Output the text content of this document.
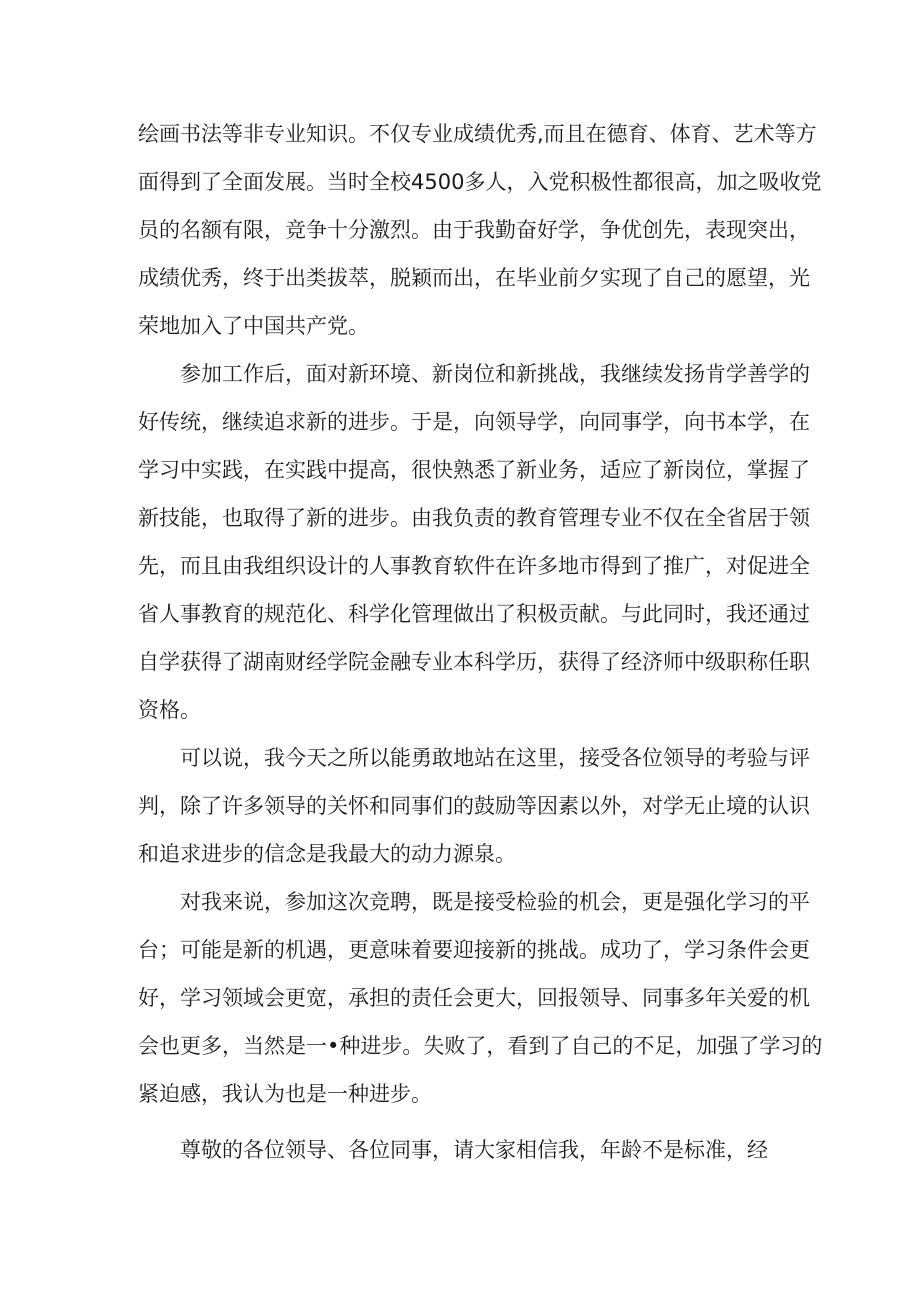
绘画书法等非专业知识。不仅专业成绩优秀,而且在德育、体育、艺术等方
面得到了全面发展。当时全校4500多人，入党积极性都很高，加之吸收党
员的名额有限，竞争十分激烈。由于我勤奋好学，争优创先，表现突出，
成绩优秀，终于出类拔萃，脱颖而出，在毕业前夕实现了自己的愿望，光
荣地加入了中国共产党。
参加工作后，面对新环境、新岗位和新挑战，我继续发扬肯学善学的
好传统，继续追求新的进步。于是，向领导学，向同事学，向书本学，在
学习中实践，在实践中提高，很快熟悉了新业务，适应了新岗位，掌握了
新技能，也取得了新的进步。由我负责的教育管理专业不仅在全省居于领
先，而且由我组织设计的人事教育软件在许多地市得到了推广，对促进全
省人事教育的规范化、科学化管理做出了积极贡献。与此同时，我还通过
自学获得了湖南财经学院金融专业本科学历，获得了经济师中级职称任职
资格。
可以说，我今天之所以能勇敢地站在这里，接受各位领导的考验与评
判，除了许多领导的关怀和同事们的鼓励等因素以外，对学无止境的认识
和追求进步的信念是我最大的动力源泉。
对我来说，参加这次竞聘，既是接受检验的机会，更是强化学习的平
台；可能是新的机遇，更意味着要迎接新的挑战。成功了，学习条件会更
好，学习领域会更宽，承担的责任会更大，回报领导、同事多年关爱的机
会也更多，当然是一•种进步。失败了，看到了自己的不足，加强了学习的
紧迫感，我认为也是一种进步。
尊敬的各位领导、各位同事，请大家相信我，年龄不是标准，经
